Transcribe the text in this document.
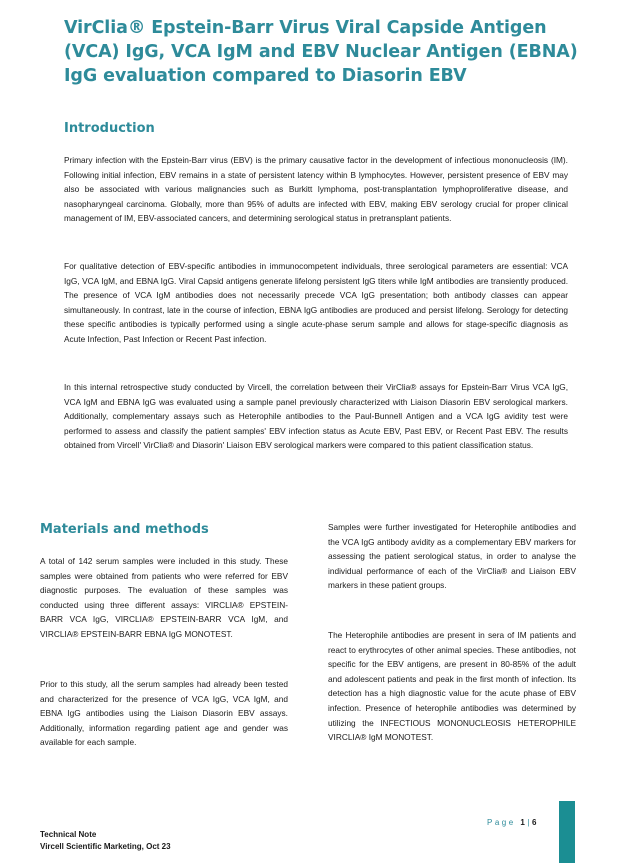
VirClia® Epstein-Barr Virus Viral Capside Antigen (VCA) IgG, VCA IgM and EBV Nuclear Antigen (EBNA) IgG evaluation compared to Diasorin EBV
Introduction
Primary infection with the Epstein-Barr virus (EBV) is the primary causative factor in the development of infectious mononucleosis (IM). Following initial infection, EBV remains in a state of persistent latency within B lymphocytes. However, persistent presence of EBV may also be associated with various malignancies such as Burkitt lymphoma, post-transplantation lymphoproliferative disease, and nasopharyngeal carcinoma. Globally, more than 95% of adults are infected with EBV, making EBV serology crucial for proper clinical management of IM, EBV-associated cancers, and determining serological status in pretransplant patients.
For qualitative detection of EBV-specific antibodies in immunocompetent individuals, three serological parameters are essential: VCA IgG, VCA IgM, and EBNA IgG. Viral Capsid antigens generate lifelong persistent IgG titers while IgM antibodies are transiently produced. The presence of VCA IgM antibodies does not necessarily precede VCA IgG presentation; both antibody classes can appear simultaneously. In contrast, late in the course of infection, EBNA IgG antibodies are produced and persist lifelong. Serology for detecting these specific antibodies is typically performed using a single acute-phase serum sample and allows for stage-specific diagnosis as Acute Infection, Past Infection or Recent Past infection.
In this internal retrospective study conducted by Vircell, the correlation between their VirClia® assays for Epstein-Barr Virus VCA IgG, VCA IgM and EBNA IgG was evaluated using a sample panel previously characterized with Liaison Diasorin EBV serological markers. Additionally, complementary assays such as Heterophile antibodies to the Paul-Bunnell Antigen and a VCA IgG avidity test were performed to assess and classify the patient samples' EBV infection status as Acute EBV, Past EBV, or Recent Past EBV. The results obtained from Vircell' VirClia® and Diasorin' Liaison EBV serological markers were compared to this patient classification status.
Materials and methods
A total of 142 serum samples were included in this study. These samples were obtained from patients who were referred for EBV diagnostic purposes. The evaluation of these samples was conducted using three different assays: VIRCLIA® EPSTEIN-BARR VCA IgG, VIRCLIA® EPSTEIN-BARR VCA IgM, and VIRCLIA® EPSTEIN-BARR EBNA IgG MONOTEST.
Prior to this study, all the serum samples had already been tested and characterized for the presence of VCA IgG, VCA IgM, and EBNA IgG antibodies using the Liaison Diasorin EBV assays. Additionally, information regarding patient age and gender was available for each sample.
Samples were further investigated for Heterophile antibodies and the VCA IgG antibody avidity as a complementary EBV markers for assessing the patient serological status, in order to analyse the individual performance of each of the VirClia® and Liaison EBV markers in these patient groups.
The Heterophile antibodies are present in sera of IM patients and react to erythrocytes of other animal species. These antibodies, not specific for the EBV antigens, are present in 80-85% of the adult and adolescent patients and peak in the first month of infection. Its detection has a high diagnostic value for the acute phase of EBV infection. Presence of heterophile antibodies was determined by utilizing the INFECTIOUS MONONUCLEOSIS HETEROPHILE VIRCLIA® IgM MONOTEST.
Technical Note
Vircell Scientific Marketing, Oct 23
Page 1|6
